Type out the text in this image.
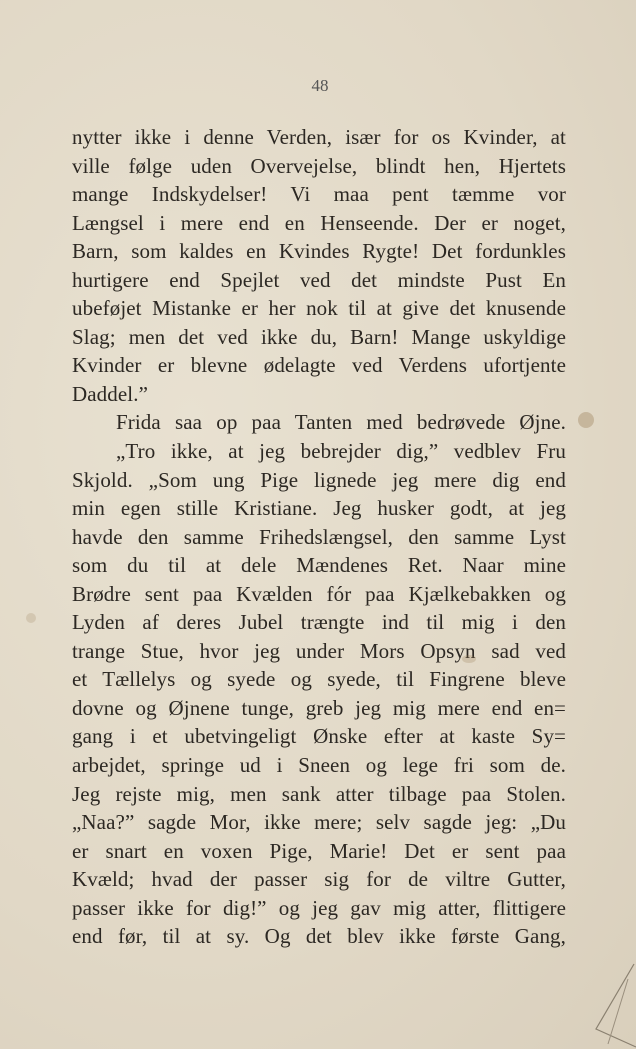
48
nytter ikke i denne Verden, især for os Kvinder, at
ville følge uden Overvejelse, blindt hen, Hjertets
mange Indskydelser! Vi maa pent tæmme vor
Længsel i mere end en Henseende. Der er noget,
Barn, som kaldes en Kvindes Rygte! Det fordunkles
hurtigere end Spejlet ved det mindste Pust En
ubeføjet Mistanke er her nok til at give det knusende
Slag; men det ved ikke du, Barn! Mange uskyldige
Kvinder er blevne ødelagte ved Verdens ufortjente
Daddel.”
Frida saa op paa Tanten med bedrøvede Øjne.
„Tro ikke, at jeg bebrejder dig,” vedblev Fru
Skjold. „Som ung Pige lignede jeg mere dig end
min egen stille Kristiane. Jeg husker godt, at jeg
havde den samme Frihedslængsel, den samme Lyst
som du til at dele Mændenes Ret. Naar mine
Brødre sent paa Kvælden fór paa Kjælkebakken og
Lyden af deres Jubel trængte ind til mig i den
trange Stue, hvor jeg under Mors Opsyn sad ved
et Tællelys og syede og syede, til Fingrene bleve
dovne og Øjnene tunge, greb jeg mig mere end en=
gang i et ubetvingeligt Ønske efter at kaste Sy=
arbejdet, springe ud i Sneen og lege fri som de.
Jeg rejste mig, men sank atter tilbage paa Stolen.
„Naa?” sagde Mor, ikke mere; selv sagde jeg: „Du
er snart en voxen Pige, Marie! Det er sent paa
Kvæld; hvad der passer sig for de viltre Gutter,
passer ikke for dig!” og jeg gav mig atter, flittigere
end før, til at sy. Og det blev ikke første Gang,
